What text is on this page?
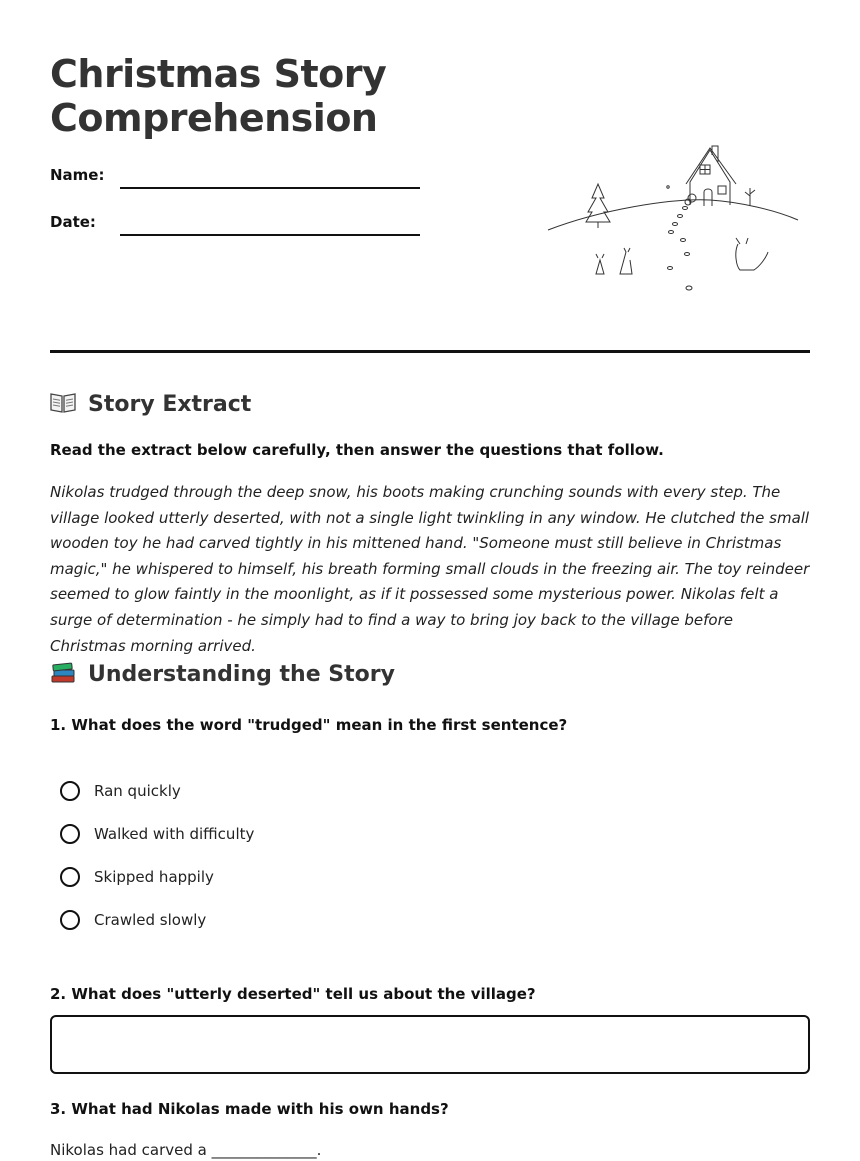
Christmas Story
Comprehension
Name:
Date:
Story Extract
Read the extract below carefully, then answer the questions that follow.
Nikolas trudged through the deep snow, his boots making crunching sounds with every step. The village looked utterly deserted, with not a single light twinkling in any window. He clutched the small wooden toy he had carved tightly in his mittened hand. "Someone must still believe in Christmas magic," he whispered to himself, his breath forming small clouds in the freezing air. The toy reindeer seemed to glow faintly in the moonlight, as if it possessed some mysterious power. Nikolas felt a surge of determination - he simply had to find a way to bring joy back to the village before Christmas morning arrived.
Understanding the Story
1. What does the word "trudged" mean in the first sentence?
Ran quickly
Walked with difficulty
Skipped happily
Crawled slowly
2. What does "utterly deserted" tell us about the village?
3. What had Nikolas made with his own hands?
Nikolas had carved a ______________.
